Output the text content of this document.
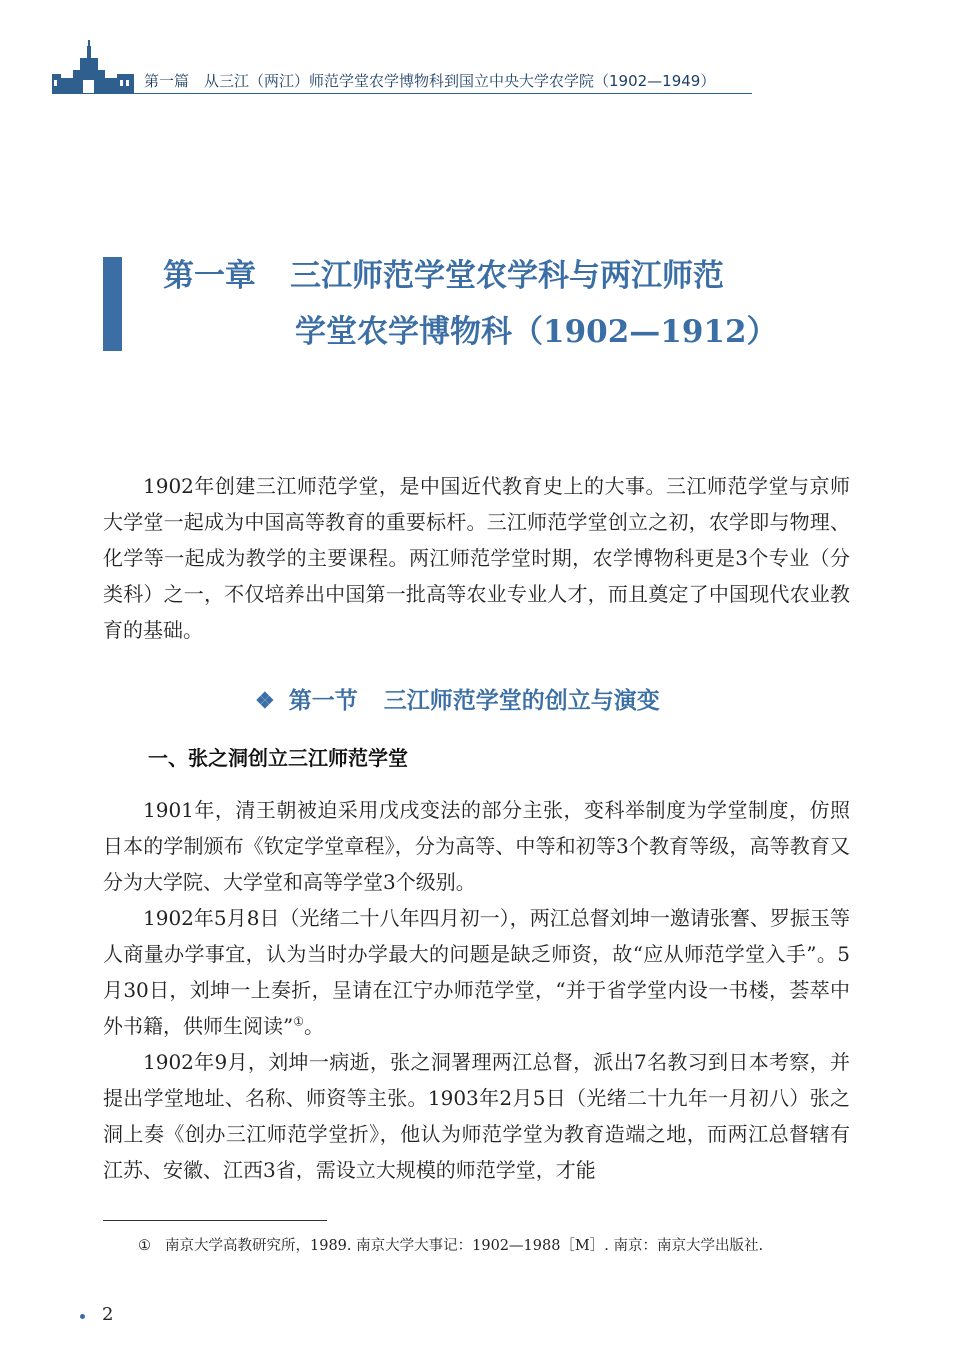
第一篇　从三江（两江）师范学堂农学博物科到国立中央大学农学院（1902—1949）
第一章 三江师范学堂农学科与两江师范
学堂农学博物科（1902—1912）

1902年创建三江师范学堂，是中国近代教育史上的大事。三江师范学堂与京师大学堂一起成为中国高等教育的重要标杆。三江师范学堂创立之初，农学即与物理、化学等一起成为教学的主要课程。两江师范学堂时期，农学博物科更是3个专业（分类科）之一，不仅培养出中国第一批高等农业专业人才，而且奠定了中国现代农业教育的基础。

❖ 第一节 三江师范学堂的创立与演变
一、张之洞创立三江师范学堂

1901年，清王朝被迫采用戊戌变法的部分主张，变科举制度为学堂制度，仿照日本的学制颁布《钦定学堂章程》，分为高等、中等和初等3个教育等级，高等教育又分为大学院、大学堂和高等学堂3个级别。

1902年5月8日（光绪二十八年四月初一），两江总督刘坤一邀请张謇、罗振玉等人商量办学事宜，认为当时办学最大的问题是缺乏师资，故“应从师范学堂入手”。5月30日，刘坤一上奏折，呈请在江宁办师范学堂，“并于省学堂内设一书楼，荟萃中外书籍，供师生阅读”①。

1902年9月，刘坤一病逝，张之洞署理两江总督，派出7名教习到日本考察，并提出学堂地址、名称、师资等主张。1903年2月5日（光绪二十九年一月初八）张之洞上奏《创办三江师范学堂折》，他认为师范学堂为教育造端之地，而两江总督辖有江苏、安徽、江西3省，需设立大规模的师范学堂，才能

① 南京大学高教研究所，1989. 南京大学大事记：1902—1988［M］. 南京：南京大学出版社.
2
